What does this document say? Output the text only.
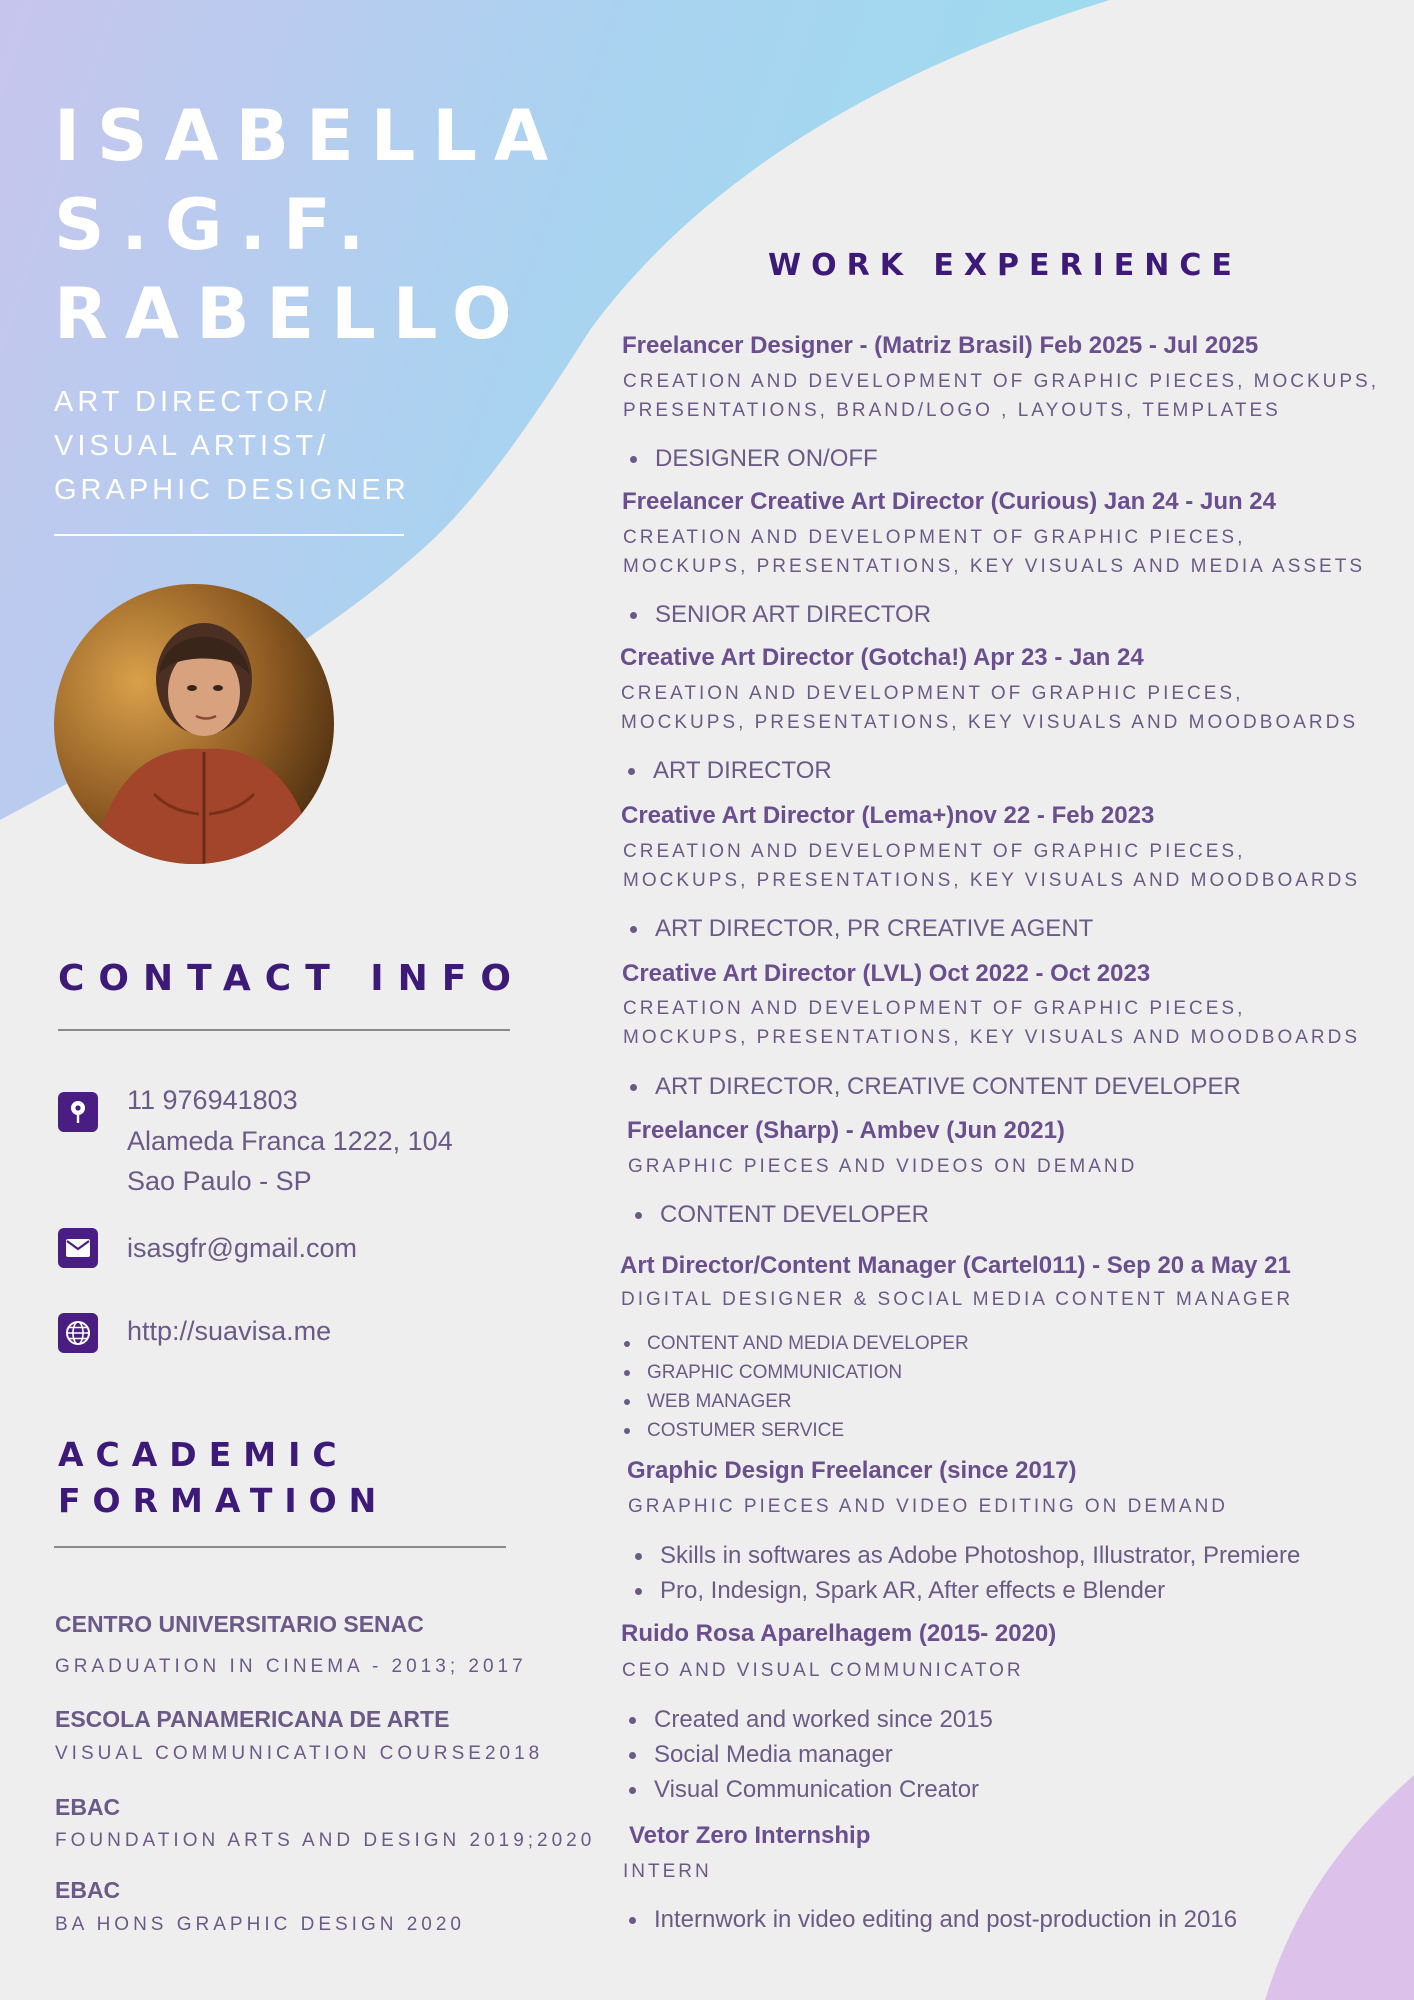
ISABELLA
S.G.F.
RABELLO
ART DIRECTOR/
VISUAL ARTIST/
GRAPHIC DESIGNER
CONTACT INFO
11 976941803
Alameda Franca 1222, 104
Sao Paulo - SP
isasgfr@gmail.com
http://suavisa.me
ACADEMIC
FORMATION
CENTRO UNIVERSITARIO SENAC
GRADUATION IN CINEMA - 2013; 2017
ESCOLA PANAMERICANA DE ARTE
VISUAL COMMUNICATION COURSE2018
EBAC
FOUNDATION ARTS AND DESIGN 2019;2020
EBAC
BA HONS GRAPHIC DESIGN 2020
WORK EXPERIENCE
Freelancer Designer - (Matriz Brasil) Feb 2025 - Jul 2025
CREATION AND DEVELOPMENT OF GRAPHIC PIECES, MOCKUPS,
PRESENTATIONS, BRAND/LOGO , LAYOUTS, TEMPLATES
DESIGNER ON/OFF
Freelancer Creative Art Director (Curious) Jan 24 - Jun 24
CREATION AND DEVELOPMENT OF GRAPHIC PIECES,
MOCKUPS, PRESENTATIONS, KEY VISUALS AND MEDIA ASSETS
SENIOR ART DIRECTOR
Creative Art Director (Gotcha!) Apr 23 - Jan 24
CREATION AND DEVELOPMENT OF GRAPHIC PIECES,
MOCKUPS, PRESENTATIONS, KEY VISUALS AND MOODBOARDS
ART DIRECTOR
Creative Art Director (Lema+)nov 22 - Feb 2023
CREATION AND DEVELOPMENT OF GRAPHIC PIECES,
MOCKUPS, PRESENTATIONS, KEY VISUALS AND MOODBOARDS
ART DIRECTOR, PR CREATIVE AGENT
Creative Art Director (LVL) Oct 2022 - Oct 2023
CREATION AND DEVELOPMENT OF GRAPHIC PIECES,
MOCKUPS, PRESENTATIONS, KEY VISUALS AND MOODBOARDS
ART DIRECTOR, CREATIVE CONTENT DEVELOPER
Freelancer (Sharp) - Ambev (Jun 2021)
GRAPHIC PIECES AND VIDEOS ON DEMAND
CONTENT DEVELOPER
Art Director/Content Manager (Cartel011) - Sep 20 a May 21
DIGITAL DESIGNER & SOCIAL MEDIA CONTENT MANAGER
CONTENT AND MEDIA DEVELOPER
GRAPHIC COMMUNICATION
WEB MANAGER
COSTUMER SERVICE
Graphic Design Freelancer (since 2017)
GRAPHIC PIECES AND VIDEO EDITING ON DEMAND
Skills in softwares as Adobe Photoshop, Illustrator, Premiere
Pro, Indesign, Spark AR, After effects e Blender
Ruido Rosa Aparelhagem (2015- 2020)
CEO AND VISUAL COMMUNICATOR
Created and worked since 2015
Social Media manager
Visual Communication Creator
Vetor Zero Internship
INTERN
Internwork in video editing and post-production in 2016
